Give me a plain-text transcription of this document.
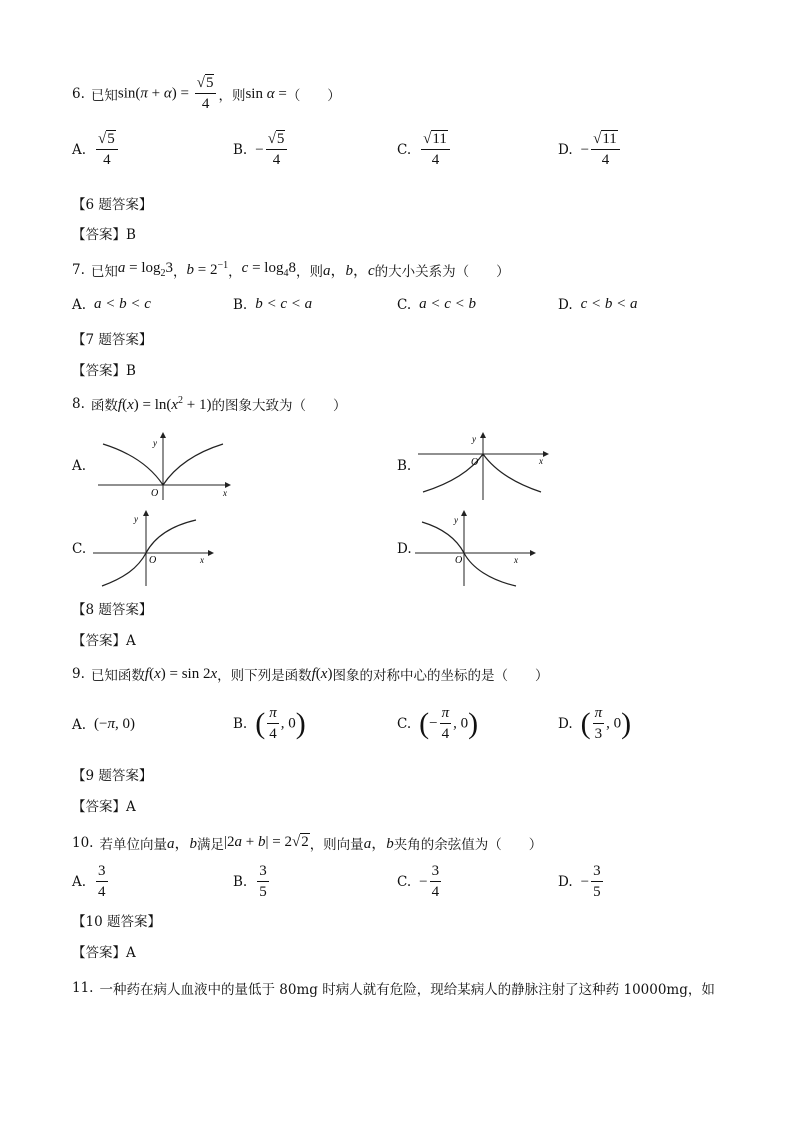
6. 已知 $\sin(\pi + \alpha) = \frac{√5}{4}$ ，则 sin α = （　　）
A. $\frac{√5}{4}$	B. − $\frac{√5}{4}$	C. $\frac{√11}{4}$	D. − $\frac{√11}{4}$
【6 题答案】
【答案】B
7. 已知 $a = \log_23$ ， $b = 2^{-1}$ ， $c = \log_48$ ，则 a，b，c 的大小关系为（　　）
A. a < b < c	B. b < c < a	C. a < c < b	D. c < b < a
【7 题答案】
【答案】B
8. 函数 $f(x) = \ln(x^2 + 1)$ 的图象大致为（　　）
A.
y
x
O
B.
y
x
O
C.
y
x
O
D.
y
x
O
【8 题答案】
【答案】A
9. 已知函数 f(x) = sin 2x ，则下列是函数 f(x) 图象的对称中心的坐标的是（　　）
A. (−π, 0)	B. ( $\frac{\pi}{4}$ , 0)	C. (− $\frac{\pi}{4}$ , 0)	D. ( $\frac{\pi}{3}$ , 0)
【9 题答案】
【答案】A
10. 若单位向量 a，b 满足 |2a + b| = 2√2 ，则向量 a，b 夹角的余弦值为（　　）
A. $\frac{3}{4}$	B. $\frac{3}{5}$	C. − $\frac{3}{4}$	D. − $\frac{3}{5}$
【10 题答案】
【答案】A
11. 一种药在病人血液中的量低于 80mg 时病人就有危险，现给某病人的静脉注射了这种药 10000mg，如
